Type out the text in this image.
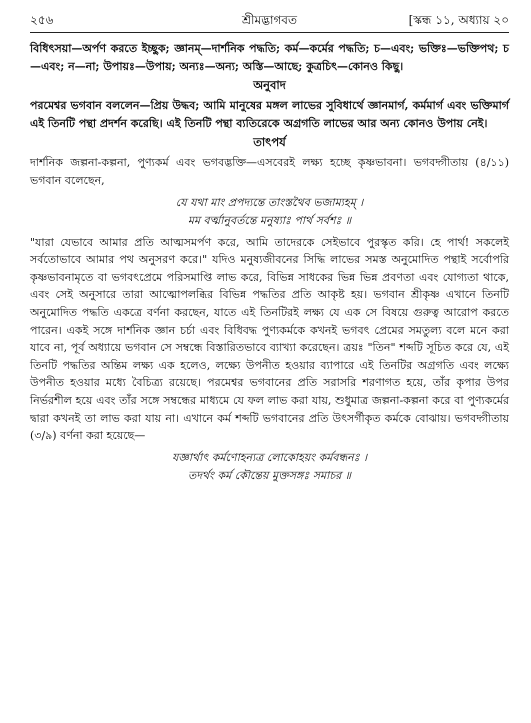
শ্রীমদ্ভাগবত
২৫৬	[স্কন্ধ ১১, অধ্যায় ২০

বিধিৎসয়া—অর্পণ করতে ইচ্ছুক; জ্ঞানম্—দার্শনিক পদ্ধতি; কর্ম—কর্মের পদ্ধতি; চ—এবং; ভক্তিঃ—ভক্তিপথ; চ—এবং; ন—না; উপায়ঃ—উপায়; অন্যঃ—অন্য; অস্তি—আছে; কুত্রচিৎ—কোনও কিছু।

অনুবাদ

পরমেশ্বর ভগবান বললেন—প্রিয় উদ্ধব; আমি মানুষের মঙ্গল লাভের সুবিধার্থে জ্ঞানমার্গ, কর্মমার্গ এবং ভক্তিমার্গ এই তিনটি পন্থা প্রদর্শন করেছি। এই তিনটি পন্থা ব্যতিরেকে অগ্রগতি লাভের আর অন্য কোনও উপায় নেই।

তাৎপর্য

দার্শনিক জল্পনা-কল্পনা, পুণ্যকর্ম এবং ভগবদ্ভক্তি—এসবেরই লক্ষ্য হচ্ছে কৃষ্ণভাবনা। ভগবদ্গীতায় (৪/১১) ভগবান বলেছেন,

যে যথা মাং প্রপদ্যন্তে তাংস্তথৈব ভজাম্যহম্ ।
মম বর্ত্মানুবর্তন্তে মনুষ্যাঃ পার্থ সর্বশঃ ॥

"যারা যেভাবে আমার প্রতি আত্মসমর্পণ করে, আমি তাদেরকে সেইভাবে পুরস্কৃত করি। হে পার্থ! সকলেই সর্বতোভাবে আমার পথ অনুসরণ করে।" যদিও মনুষ্যজীবনের সিদ্ধি লাভের সমস্ত অনুমোদিত পন্থাই সর্বোপরি কৃষ্ণভাবনামৃতে বা ভগবৎপ্রেমে পরিসমাপ্তি লাভ করে, বিভিন্ন সাধকের ভিন্ন ভিন্ন প্রবণতা এবং যোগ্যতা থাকে, এবং সেই অনুসারে তারা আত্মোপলব্ধির বিভিন্ন পদ্ধতির প্রতি আকৃষ্ট হয়। ভগবান শ্রীকৃষ্ণ এখানে তিনটি অনুমোদিত পদ্ধতি একত্রে বর্ণনা করছেন, যাতে এই তিনটিরই লক্ষ্য যে এক সে বিষয়ে গুরুত্ব আরোপ করতে পারেন। একই সঙ্গে দার্শনিক জ্ঞান চর্চা এবং বিধিবদ্ধ পুণ্যকর্মকে কখনই ভগবৎ প্রেমের সমতুল্য বলে মনে করা যাবে না, পূর্ব অধ্যায়ে ভগবান সে সম্বন্ধে বিস্তারিতভাবে ব্যাখ্যা করেছেন। ত্রয়ঃ "তিন" শব্দটি সূচিত করে যে, এই তিনটি পদ্ধতির অন্তিম লক্ষ্য এক হলেও, লক্ষ্যে উপনীত হওয়ার ব্যাপারে এই তিনটির অগ্রগতি এবং লক্ষ্যে উপনীত হওয়ার মধ্যে বৈচিত্র্য রয়েছে। পরমেশ্বর ভগবানের প্রতি সরাসরি শরণাগত হয়ে, তাঁর কৃপার উপর নির্ভরশীল হয়ে এবং তাঁর সঙ্গে সম্বন্ধের মাধ্যমে যে ফল লাভ করা যায়, শুধুমাত্র জল্পনা-কল্পনা করে বা পুণ্যকর্মের দ্বারা কখনই তা লাভ করা যায় না। এখানে কর্ম শব্দটি ভগবানের প্রতি উৎসর্গীকৃত কর্মকে বোঝায়। ভগবদ্গীতায় (৩/৯) বর্ণনা করা হয়েছে—

যজ্ঞার্থাৎ কর্মণোহন্যত্র লোকোহয়ং কর্মবন্ধনঃ ।
তদর্থং কর্ম কৌন্তেয় মুক্তসঙ্গঃ সমাচর ॥
